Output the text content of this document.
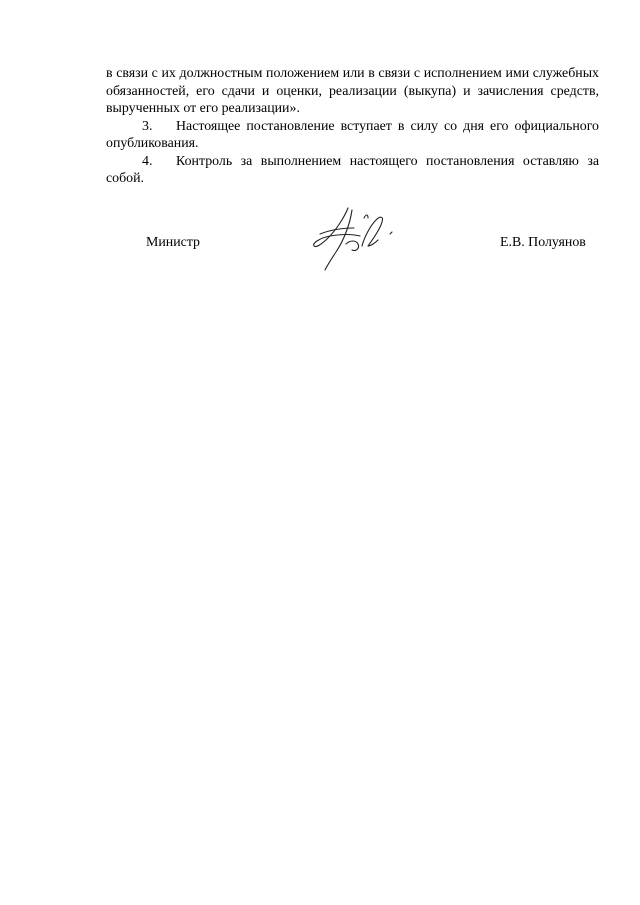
в связи с их должностным положением или в связи с исполнением ими служебных обязанностей, его сдачи и оценки, реализации (выкупа) и зачисления средств, вырученных от его реализации».

3. Настоящее постановление вступает в силу со дня его официального опубликования.

4. Контроль за выполнением настоящего постановления оставляю за собой.

Министр	Е.В. Полуянов
